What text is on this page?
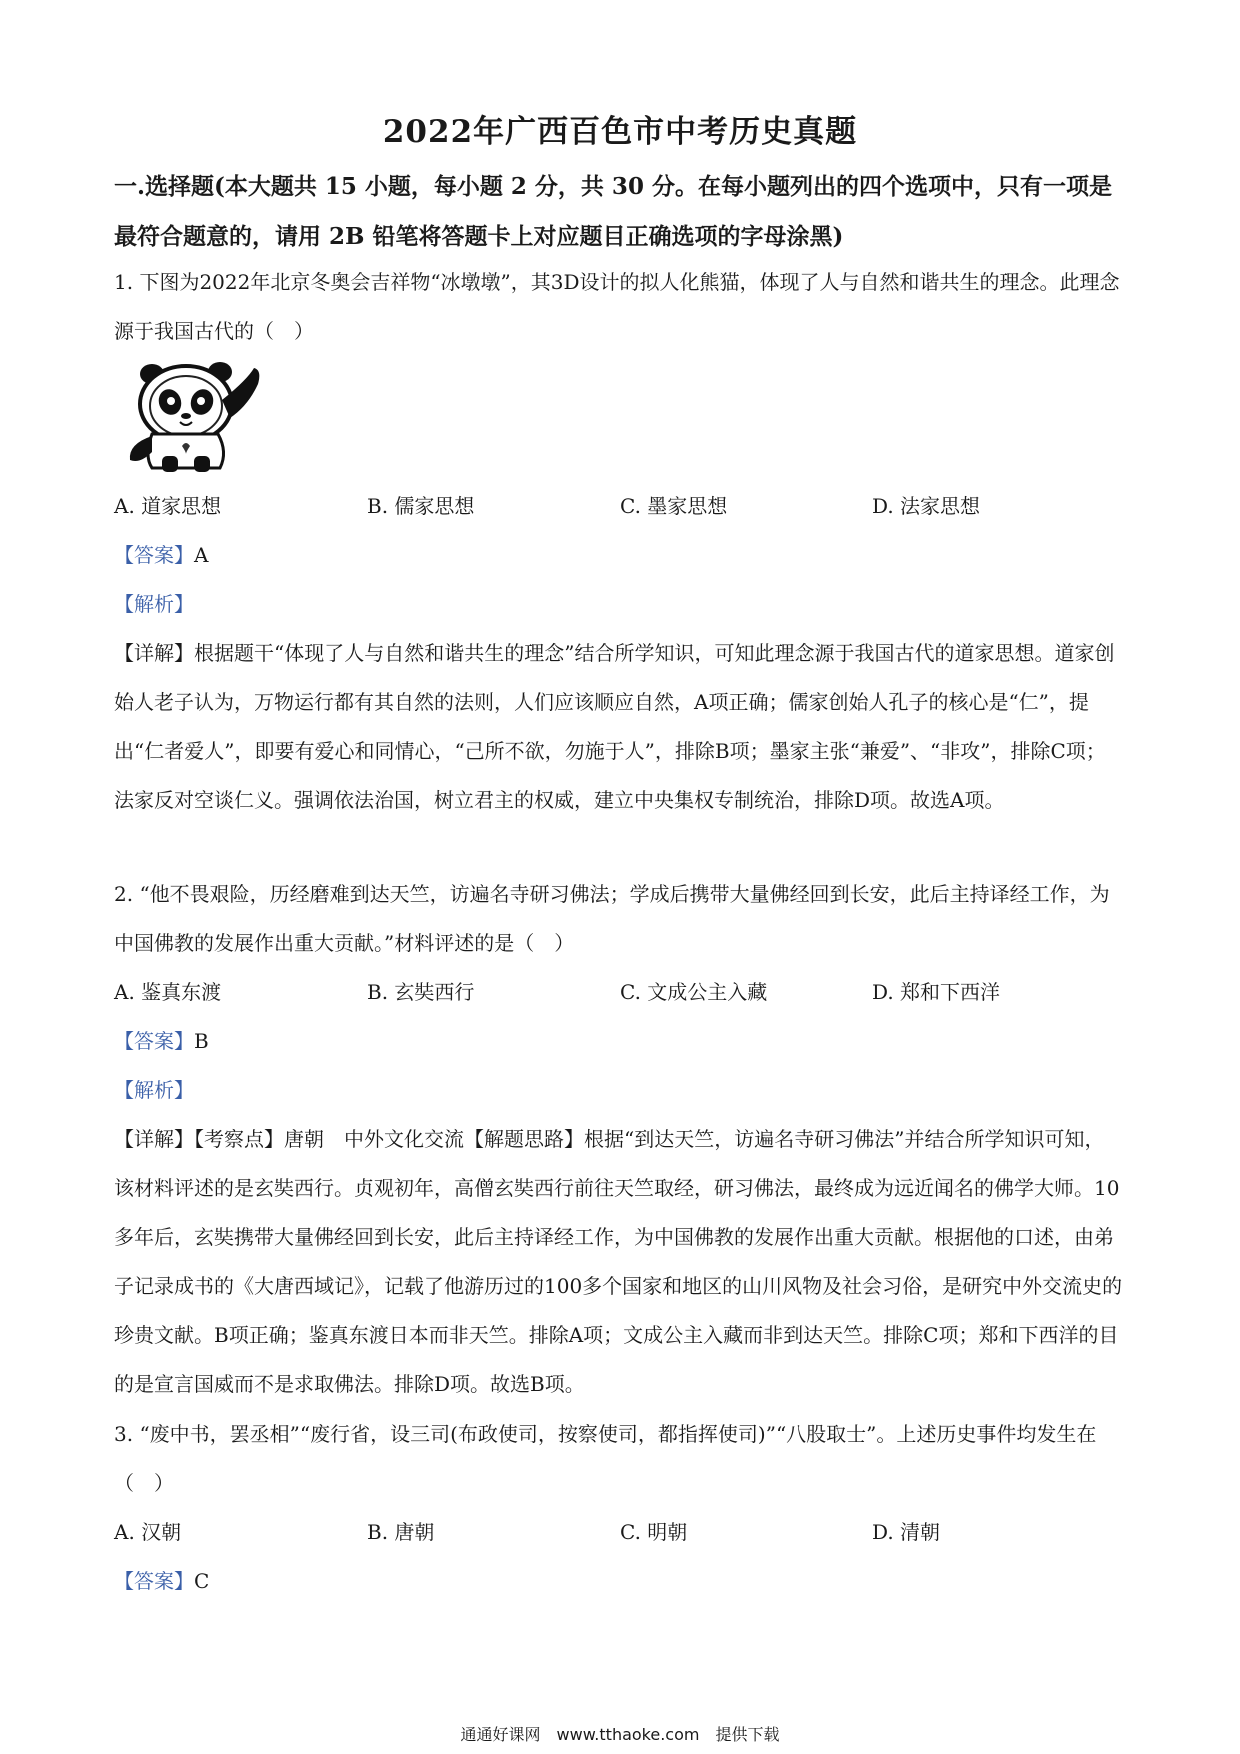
2022年广西百色市中考历史真题
一.选择题(本大题共 15 小题，每小题 2 分，共 30 分。在每小题列出的四个选项中，只有一项是最符合题意的，请用 2B 铅笔将答题卡上对应题目正确选项的字母涂黑)

1. 下图为2022年北京冬奥会吉祥物“冰墩墩”，其3D设计的拟人化熊猫，体现了人与自然和谐共生的理念。此理念源于我国古代的（　）

A. 道家思想	B. 儒家思想	C. 墨家思想	D. 法家思想
【答案】A
【解析】

【详解】根据题干“体现了人与自然和谐共生的理念”结合所学知识，可知此理念源于我国古代的道家思想。道家创始人老子认为，万物运行都有其自然的法则，人们应该顺应自然，A项正确；儒家创始人孔子的核心是“仁”，提出“仁者爱人”，即要有爱心和同情心，“己所不欲，勿施于人”，排除B项；墨家主张“兼爱”、“非攻”，排除C项；法家反对空谈仁义。强调依法治国，树立君主的权威，建立中央集权专制统治，排除D项。故选A项。

2. “他不畏艰险，历经磨难到达天竺，访遍名寺研习佛法；学成后携带大量佛经回到长安，此后主持译经工作，为中国佛教的发展作出重大贡献。”材料评述的是（　）

A. 鉴真东渡	B. 玄奘西行	C. 文成公主入藏	D. 郑和下西洋
【答案】B
【解析】

【详解】【考察点】唐朝　中外文化交流【解题思路】根据“到达天竺，访遍名寺研习佛法”并结合所学知识可知，该材料评述的是玄奘西行。贞观初年，高僧玄奘西行前往天竺取经，研习佛法，最终成为远近闻名的佛学大师。10多年后，玄奘携带大量佛经回到长安，此后主持译经工作，为中国佛教的发展作出重大贡献。根据他的口述，由弟子记录成书的《大唐西域记》，记载了他游历过的100多个国家和地区的山川风物及社会习俗，是研究中外交流史的珍贵文献。B项正确；鉴真东渡日本而非天竺。排除A项；文成公主入藏而非到达天竺。排除C项；郑和下西洋的目的是宣言国威而不是求取佛法。排除D项。故选B项。

3. “废中书，罢丞相”“废行省，设三司(布政使司，按察使司，都指挥使司)”“八股取士”。上述历史事件均发生在（　）

A. 汉朝	B. 唐朝	C. 明朝	D. 清朝
【答案】C
通通好课网　www.tthaoke.com　提供下载
